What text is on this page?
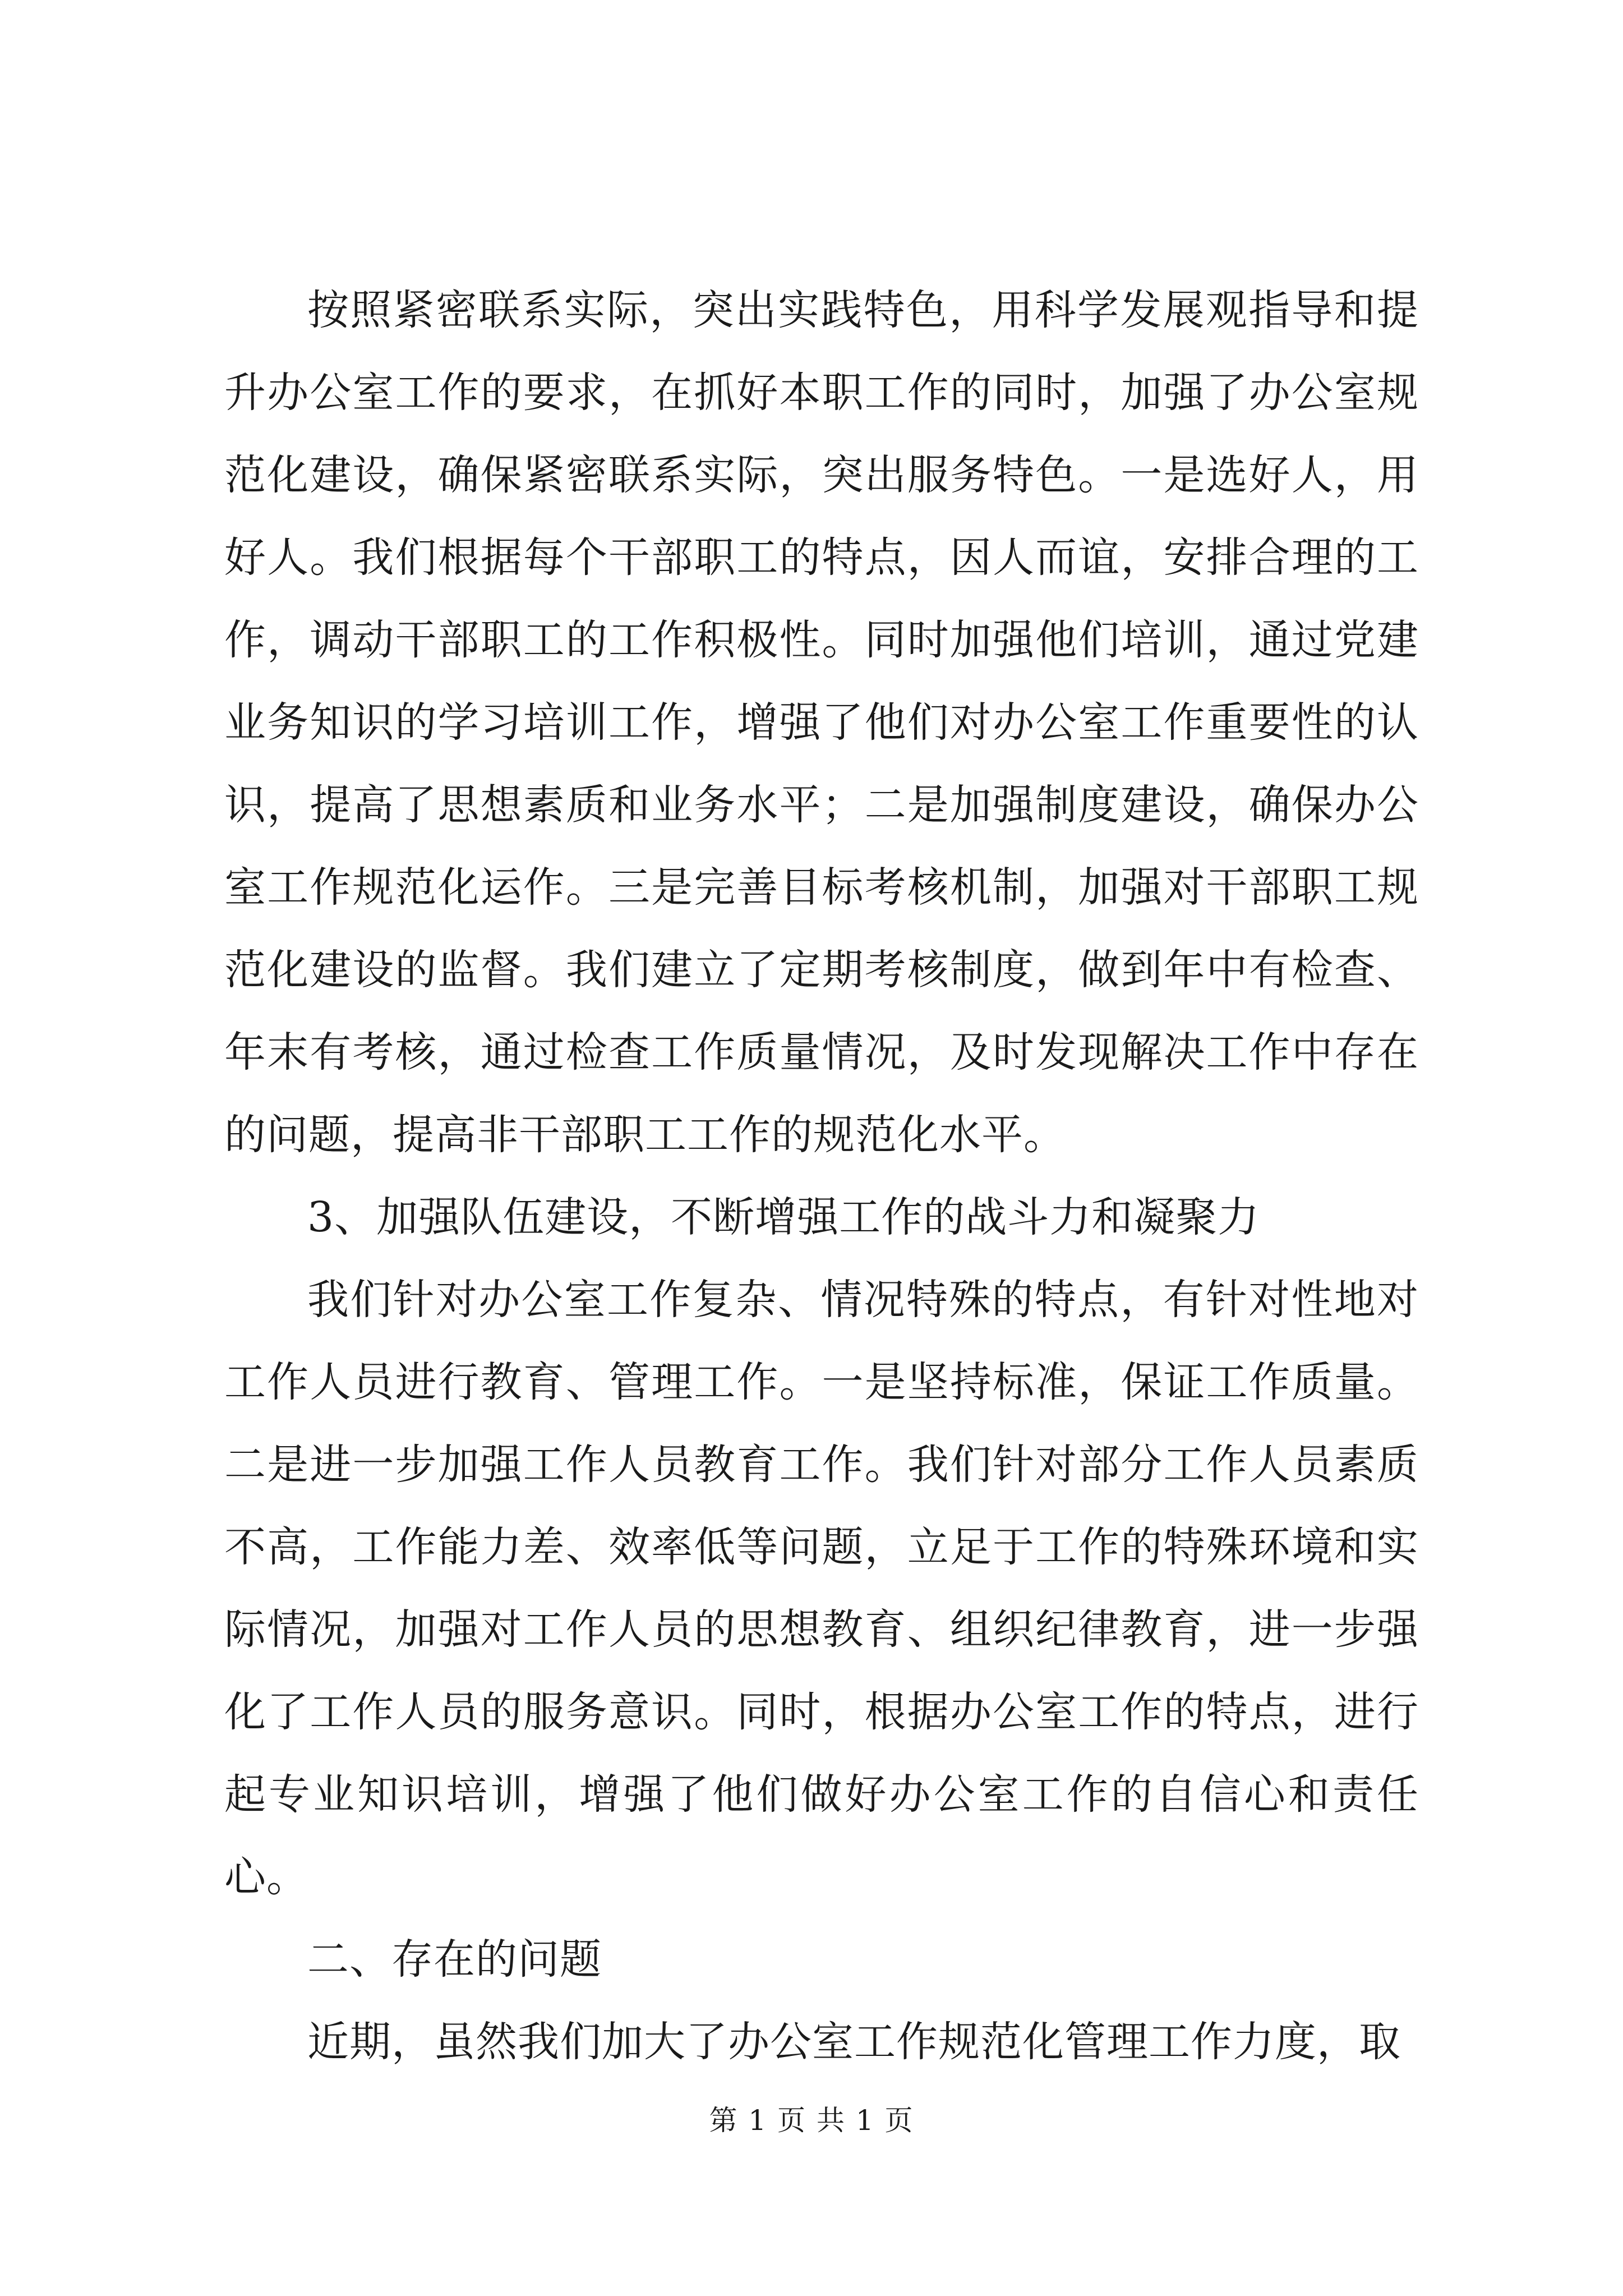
按照紧密联系实际，突出实践特色，用科学发展观指导和提升办公室工作的要求，在抓好本职工作的同时，加强了办公室规范化建设，确保紧密联系实际，突出服务特色。一是选好人，用好人。我们根据每个干部职工的特点，因人而谊，安排合理的工作，调动干部职工的工作积极性。同时加强他们培训，通过党建业务知识的学习培训工作，增强了他们对办公室工作重要性的认识，提高了思想素质和业务水平；二是加强制度建设，确保办公室工作规范化运作。三是完善目标考核机制，加强对干部职工规范化建设的监督。我们建立了定期考核制度，做到年中有检查、年末有考核，通过检查工作质量情况，及时发现解决工作中存在的问题，提高非干部职工工作的规范化水平。

3、加强队伍建设，不断增强工作的战斗力和凝聚力

我们针对办公室工作复杂、情况特殊的特点，有针对性地对工作人员进行教育、管理工作。一是坚持标准，保证工作质量。二是进一步加强工作人员教育工作。我们针对部分工作人员素质不高，工作能力差、效率低等问题，立足于工作的特殊环境和实际情况，加强对工作人员的思想教育、组织纪律教育，进一步强化了工作人员的服务意识。同时，根据办公室工作的特点，进行起专业知识培训，增强了他们做好办公室工作的自信心和责任心。

二、存在的问题

近期，虽然我们加大了办公室工作规范化管理工作力度，取

第 1 页 共 1 页
